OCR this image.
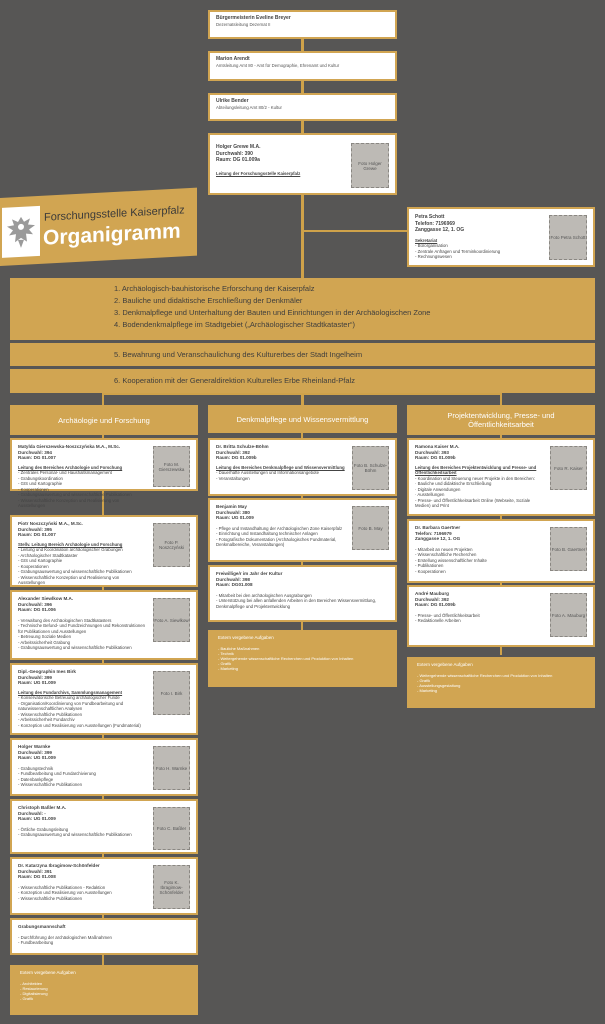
Bürgermeisterin Eveline Breyer
Dezernatsleitung Dezernat II
Marion Arendt
Amtsleitung Amt 80 - Amt für Demographie, Ehrenamt und Kultur
Ulrike Bender
Abteilungsleitung Amt 80/2 - Kultur
Holger Grewe M.A.
Durchwahl: 390
Raum: DG 01.009a
Leitung der Forschungsstelle Kaiserpfalz
Foto Holger Grewe
Petra Schott
Telefon: 7196969
Zanggasse 12, 1. OG
Sekretariat
- Bürorganisation
- Zentrale Anfragen und Terminkoordinierung
- Rechnungswesen
Foto Petra Schott
Forschungsstelle Kaiserpfalz
Organigramm
1. Archäologisch-bauhistorische Erforschung der Kaiserpfalz
2. Bauliche und didaktische Erschließung der Denkmäler
3. Denkmalpflege und Unterhaltung der Bauten und Einrichtungen in der Archäologischen Zone
4. Bodendenkmalpflege im Stadtgebiet („Archäologischer Stadtkataster“)
5. Bewahrung und Veranschaulichung des Kulturerbes der Stadt Ingelheim
6. Kooperation mit der Generaldirektion Kulturelles Erbe Rheinland-Pfalz
Archäologie und Forschung	Denkmalpflege und Wissensvermittlung	Projektentwicklung, Presse- und Öffentlichkeitsarbeit
Matylda Gierszewska-Noszczyńska M.A., M.Sc.
Durchwahl: 394
Raum: DG 01.007
Leitung des Bereiches Archäologie und Forschung
- Zentrales Personal- und Haushaltsmanagement
- Grabungskoordination
- GIS und Kartographie
- Kooperationen
- Grabungsauswertung und wissenschaftliche Publikationen
- Wissenschaftliche Konzeption und Realisierung von Ausstellungen
Foto M. Gierszewska
Piotr Noszczyński M.A., M.Sc.
Durchwahl: 395
Raum: DG 01.007
Stellv. Leitung Bereich Archäologie und Forschung
- Leitung und Koordination archäologischer Grabungen
- Archäologischer Stadtkataster
- GIS und Kartographie
- Kooperationen
- Grabungsauswertung und wissenschaftliche Publikationen
- Wissenschaftliche Konzeption und Realisierung von Ausstellungen
Foto P. Noszczyński
Alexander Siewlkow M.A.
Durchwahl: 396
Raum: DG 01.006
- Verwaltung des Archäologischen Stadtkatasters
- Technische Befund- und Fundzeichnungen und Rekonstruktionen für Publikationen und Ausstellungen
- Betreuung Soziale Medien
- Arbeitssicherheit Grabung
- Grabungsauswertung und wissenschaftliche Publikationen
Foto A. Siewlkow
Dipl.-Geographin Ines Birk
Durchwahl: 399
Raum: UG 01.009
Leitung des Fundarchivs, Sammlungsmanagement
- Konservatorische Betreuung archäologischer Funde
- Organisation/Koordinierung von Fundbearbeitung und naturwissenschaftlichen Analysen
- Wissenschaftliche Publikationen
- Arbeitssicherheit Fundarchiv
- Konzeption und Realisierung von Ausstellungen (Fundmaterial)
Foto I. Birk
Holger Warnke
Durchwahl: 399
Raum: UG 01.009
- Grabungstechnik
- Fundbearbeitung und Fundarchivierung
- Datenbankpflege
- Wissenschaftliche Publikationen
Foto H. Warnke
Christoph Baßler M.A.
Durchwahl: -
Raum: UG 01.009
- Örtliche Grabungsleitung
- Grabungsauswertung und wissenschaftliche Publikationen
Foto C. Baßler
Dr. Katarzyna Ibragimow-Schönfelder
Durchwahl: 391
Raum: DG 01.008
- Wissenschaftliche Publikationen - Redaktion
- Konzeption und Realisierung von Ausstellungen
- Wissenschaftliche Publikationen
Foto K. Ibragimow-Schönfelder
Grabungsmannschaft
- Durchführung der archäologischen Maßnahmen
- Fundbearbeitung
Extern vergebene Aufgaben
- Architekten
- Restaurierung
- Digitalisierung
- Grafik
Dr. Britta Schulze-Böhm
Durchwahl: 392
Raum: DG 01.009b
Leitung des Bereiches Denkmalpflege und Wissensvermittlung
- Dauerhafte Ausstellungen und Informationsangebote
- Veranstaltungen
Foto B. Schulze-Böhm
Benjamin May
Durchwahl: 380
Raum: UG 01.009
- Pflege und Instandhaltung der Archäologischen Zone Kaiserpfalz
- Einrichtung und Instandhaltung technischer Anlagen
- Fotografische Dokumentation (Archäologisches Fundmaterial, Denkmalbereiche, Veranstaltungen)
Foto B. May
Freiwillige/r im Jahr der Kultur
Durchwahl: 398
Raum: DG01.008
- Mitarbeit bei den archäologischen Ausgrabungen
- Unterstützung bei allen anfallenden Arbeiten in den Bereichen Wissensvermittlung, Denkmalpflege und Projektentwicklung
Extern vergebene Aufgaben
- Bauliche Maßnahmen
- Technik
- Weitergehende wissenschaftliche Recherchen und Produktion von Inhalten
- Grafik
- Marketing
Ramona Kaiser M.A.
Durchwahl: 393
Raum: DG 01.009b
Leitung des Bereiches Projektentwicklung und Presse- und Öffentlichkeitsarbeit
- Koordination und Steuerung neuer Projekte in den Bereichen:
· Bauliche und didaktische Erschließung
· Digitale Anwendungen
· Ausstellungen
- Presse- und Öffentlichkeitsarbeit Online (Webseite, Soziale Medien) und Print
Foto R. Kaiser
Dr. Barbara Gaertner
Telefon: 7196979
Zanggasse 12, 1. OG
- Mitarbeit an neuen Projekten
- Wissenschaftliche Recherchen
- Erstellung wissenschaftlicher Inhalte
- Publikationen
- Kooperationen
Foto B. Gaertner
André Mauburg
Durchwahl: 392
Raum: DG 01.009b
- Presse- und Öffentlichkeitsarbeit
- Redaktionelle Arbeiten
Foto A. Mauburg
Extern vergebene Aufgaben
- Weitergehende wissenschaftliche Recherchen und Produktion von Inhalten
- Grafik
- Ausstellungsgestaltung
- Marketing
